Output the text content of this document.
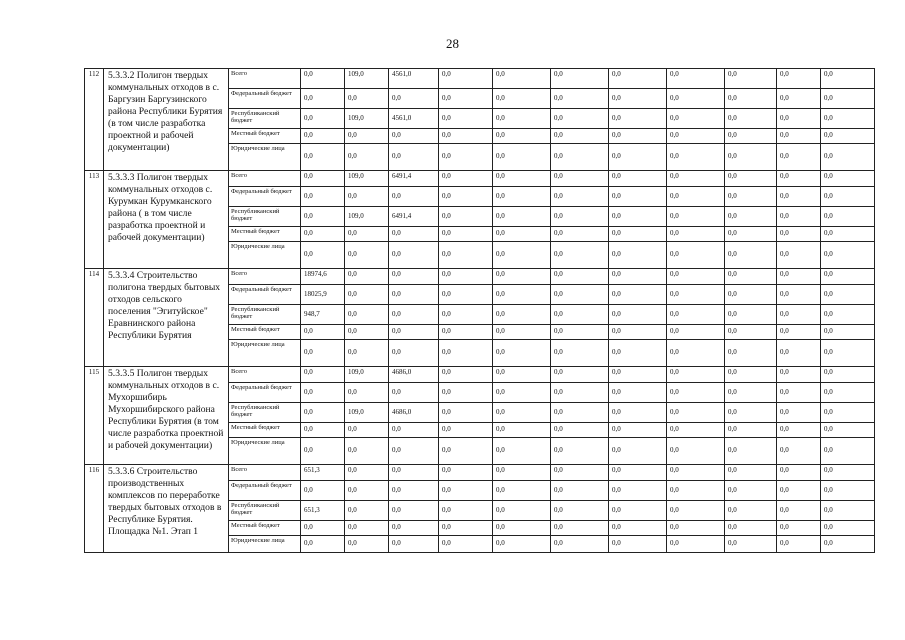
28
112	5.3.3.2 Полигон твердых коммунальных отходов в с. Баргузин Баргузинского района Республики Бурятия (в том числе разработка проектной и рабочей документации)	Всего	0,0	109,0	4561,0	0,0	0,0	0,0	0,0	0,0	0,0	0,0	0,0
		Федеральный бюджет	0,0	0,0	0,0	0,0	0,0	0,0	0,0	0,0	0,0	0,0	0,0
		Республиканский бюджет	0,0	109,0	4561,0	0,0	0,0	0,0	0,0	0,0	0,0	0,0	0,0
		Местный бюджет	0,0	0,0	0,0	0,0	0,0	0,0	0,0	0,0	0,0	0,0	0,0
		Юридические лица	0,0	0,0	0,0	0,0	0,0	0,0	0,0	0,0	0,0	0,0	0,0
113	5.3.3.3 Полигон твердых коммунальных отходов с. Курумкан Курумканского района ( в том числе разработка проектной и рабочей документации)	Всего	0,0	109,0	6491,4	0,0	0,0	0,0	0,0	0,0	0,0	0,0	0,0
		Федеральный бюджет	0,0	0,0	0,0	0,0	0,0	0,0	0,0	0,0	0,0	0,0	0,0
		Республиканский бюджет	0,0	109,0	6491,4	0,0	0,0	0,0	0,0	0,0	0,0	0,0	0,0
		Местный бюджет	0,0	0,0	0,0	0,0	0,0	0,0	0,0	0,0	0,0	0,0	0,0
		Юридические лица	0,0	0,0	0,0	0,0	0,0	0,0	0,0	0,0	0,0	0,0	0,0
114	5.3.3.4 Строительство полигона твердых бытовых отходов сельского поселения "Эгитуйское" Еравнинского района Республики Бурятия	Всего	18974,6	0,0	0,0	0,0	0,0	0,0	0,0	0,0	0,0	0,0	0,0
		Федеральный бюджет	18025,9	0,0	0,0	0,0	0,0	0,0	0,0	0,0	0,0	0,0	0,0
		Республиканский бюджет	948,7	0,0	0,0	0,0	0,0	0,0	0,0	0,0	0,0	0,0	0,0
		Местный бюджет	0,0	0,0	0,0	0,0	0,0	0,0	0,0	0,0	0,0	0,0	0,0
		Юридические лица	0,0	0,0	0,0	0,0	0,0	0,0	0,0	0,0	0,0	0,0	0,0
115	5.3.3.5 Полигон твердых коммунальных отходов в с. Мухоршибирь Мухоршибирского района Республики Бурятия (в том числе разработка проектной и рабочей документации)	Всего	0,0	109,0	4686,0	0,0	0,0	0,0	0,0	0,0	0,0	0,0	0,0
		Федеральный бюджет	0,0	0,0	0,0	0,0	0,0	0,0	0,0	0,0	0,0	0,0	0,0
		Республиканский бюджет	0,0	109,0	4686,0	0,0	0,0	0,0	0,0	0,0	0,0	0,0	0,0
		Местный бюджет	0,0	0,0	0,0	0,0	0,0	0,0	0,0	0,0	0,0	0,0	0,0
		Юридические лица	0,0	0,0	0,0	0,0	0,0	0,0	0,0	0,0	0,0	0,0	0,0
116	5.3.3.6 Строительство производственных комплексов по переработке твердых бытовых отходов в Республике Бурятия. Площадка №1. Этап 1	Всего	651,3	0,0	0,0	0,0	0,0	0,0	0,0	0,0	0,0	0,0	0,0
		Федеральный бюджет	0,0	0,0	0,0	0,0	0,0	0,0	0,0	0,0	0,0	0,0	0,0
		Республиканский бюджет	651,3	0,0	0,0	0,0	0,0	0,0	0,0	0,0	0,0	0,0	0,0
		Местный бюджет	0,0	0,0	0,0	0,0	0,0	0,0	0,0	0,0	0,0	0,0	0,0
		Юридические лица	0,0	0,0	0,0	0,0	0,0	0,0	0,0	0,0	0,0	0,0	0,0
